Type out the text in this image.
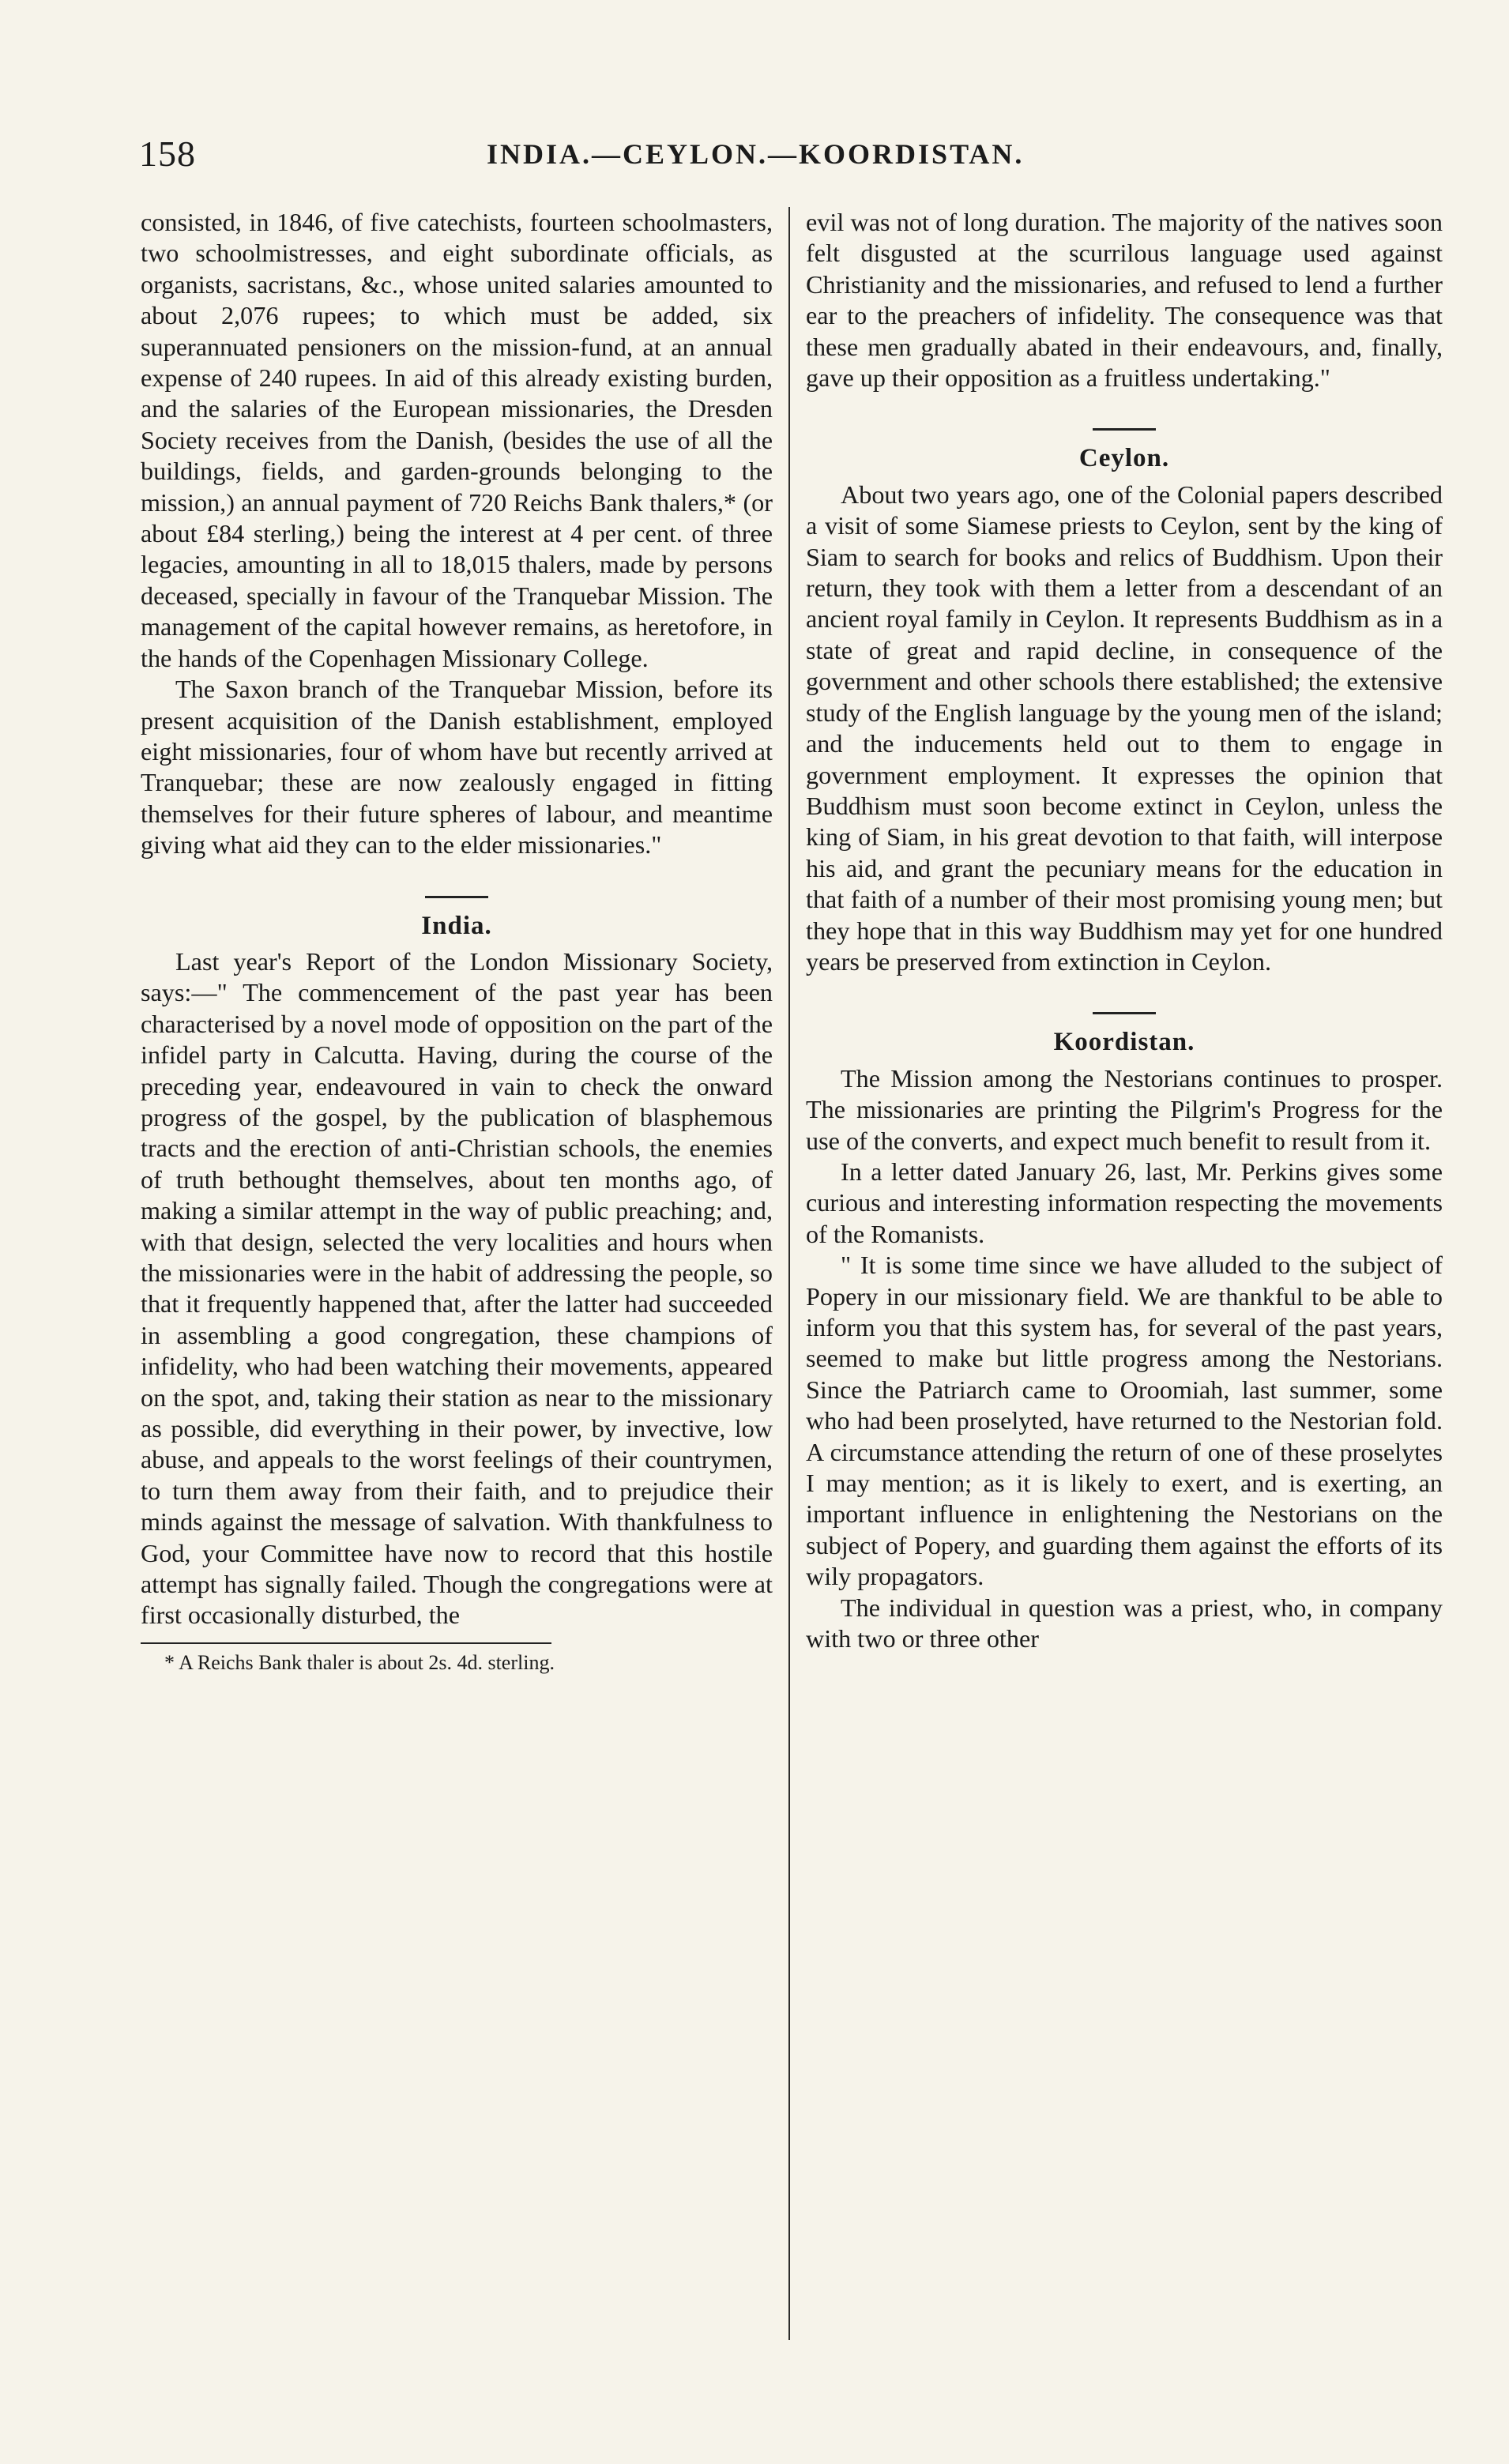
158	INDIA.—CEYLON.—KOORDISTAN.

consisted, in 1846, of five catechists, fourteen schoolmasters, two schoolmistresses, and eight subordinate officials, as organists, sacristans, &c., whose united salaries amounted to about 2,076 rupees; to which must be added, six superannuated pensioners on the mission-fund, at an annual expense of 240 rupees. In aid of this already existing burden, and the salaries of the European missionaries, the Dresden Society receives from the Danish, (besides the use of all the buildings, fields, and garden-grounds belonging to the mission,) an annual payment of 720 Reichs Bank thalers,* (or about £84 sterling,) being the interest at 4 per cent. of three legacies, amounting in all to 18,015 thalers, made by persons deceased, specially in favour of the Tranquebar Mission. The management of the capital however remains, as heretofore, in the hands of the Copenhagen Missionary College.

The Saxon branch of the Tranquebar Mission, before its present acquisition of the Danish establishment, employed eight missionaries, four of whom have but recently arrived at Tranquebar; these are now zealously engaged in fitting themselves for their future spheres of labour, and meantime giving what aid they can to the elder missionaries."

India.

Last year's Report of the London Missionary Society, says:—" The commencement of the past year has been characterised by a novel mode of opposition on the part of the infidel party in Calcutta. Having, during the course of the preceding year, endeavoured in vain to check the onward progress of the gospel, by the publication of blasphemous tracts and the erection of anti-Christian schools, the enemies of truth bethought themselves, about ten months ago, of making a similar attempt in the way of public preaching; and, with that design, selected the very localities and hours when the missionaries were in the habit of addressing the people, so that it frequently happened that, after the latter had succeeded in assembling a good congregation, these champions of infidelity, who had been watching their movements, appeared on the spot, and, taking their station as near to the missionary as possible, did everything in their power, by invective, low abuse, and appeals to the worst feelings of their countrymen, to turn them away from their faith, and to prejudice their minds against the message of salvation. With thankfulness to God, your Committee have now to record that this hostile attempt has signally failed. Though the congregations were at first occasionally disturbed, the

* A Reichs Bank thaler is about 2s. 4d. sterling.

evil was not of long duration. The majority of the natives soon felt disgusted at the scurrilous language used against Christianity and the missionaries, and refused to lend a further ear to the preachers of infidelity. The consequence was that these men gradually abated in their endeavours, and, finally, gave up their opposition as a fruitless undertaking."

Ceylon.

About two years ago, one of the Colonial papers described a visit of some Siamese priests to Ceylon, sent by the king of Siam to search for books and relics of Buddhism. Upon their return, they took with them a letter from a descendant of an ancient royal family in Ceylon. It represents Buddhism as in a state of great and rapid decline, in consequence of the government and other schools there established; the extensive study of the English language by the young men of the island; and the inducements held out to them to engage in government employment. It expresses the opinion that Buddhism must soon become extinct in Ceylon, unless the king of Siam, in his great devotion to that faith, will interpose his aid, and grant the pecuniary means for the education in that faith of a number of their most promising young men; but they hope that in this way Buddhism may yet for one hundred years be preserved from extinction in Ceylon.

Koordistan.

The Mission among the Nestorians continues to prosper. The missionaries are printing the Pilgrim's Progress for the use of the converts, and expect much benefit to result from it.

In a letter dated January 26, last, Mr. Perkins gives some curious and interesting information respecting the movements of the Romanists.

" It is some time since we have alluded to the subject of Popery in our missionary field. We are thankful to be able to inform you that this system has, for several of the past years, seemed to make but little progress among the Nestorians. Since the Patriarch came to Oroomiah, last summer, some who had been proselyted, have returned to the Nestorian fold. A circumstance attending the return of one of these proselytes I may mention; as it is likely to exert, and is exerting, an important influence in enlightening the Nestorians on the subject of Popery, and guarding them against the efforts of its wily propagators.

The individual in question was a priest, who, in company with two or three other
